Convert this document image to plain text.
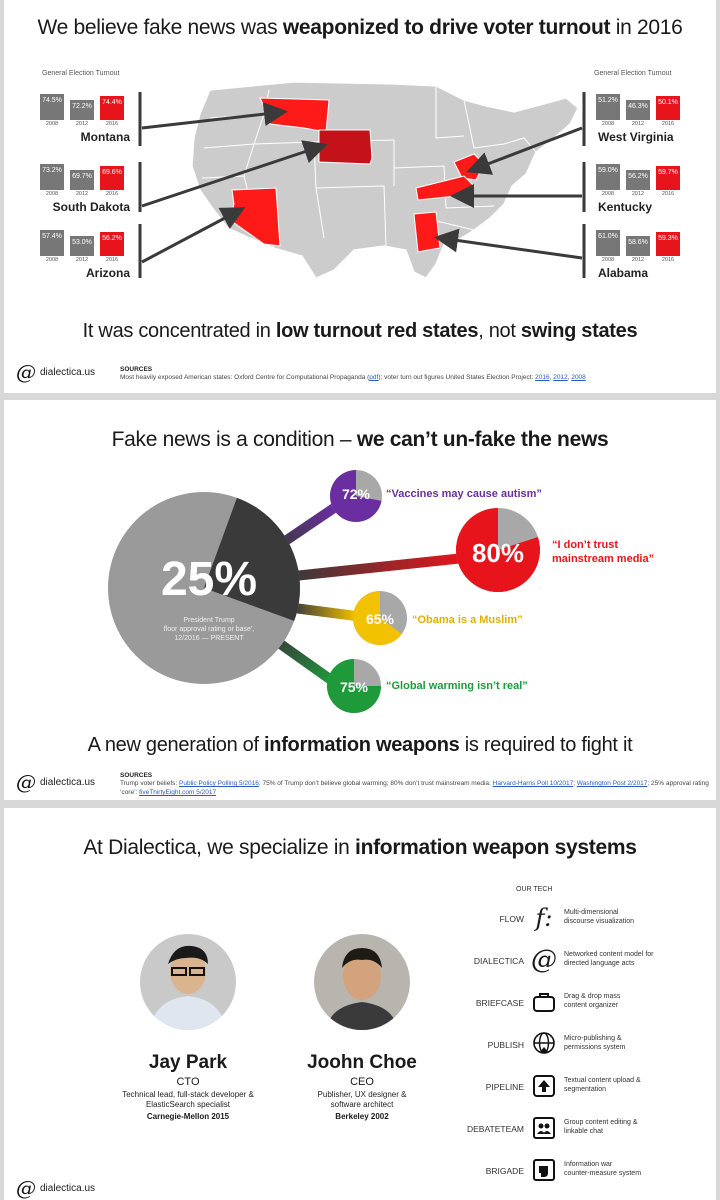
We believe fake news was weaponized to drive voter turnout in 2016
General Election Turnout	General Election Turnout
74.5%
2008
72.2%
2012
74.4%
2016
Montana
73.2%
2008
69.7%
2012
69.6%
2016
South Dakota
57.4%
2008
53.0%
2012
56.2%
2016
Arizona
51.2%
2008
46.3%
2012
50.1%
2016
West Virginia
59.0%
2008
56.2%
2012
59.7%
2016
Kentucky
61.0%
2008
58.6%
2012
59.3%
2016
Alabama
It was concentrated in low turnout red states, not swing states
@ dialectica.us	SOURCES
Most heavily exposed American states: Oxford Centre for Computational Propaganda (pdf); voter turn out figures United States Election Project: 2016, 2012, 2008
Fake news is a condition – we can’t un-fake the news
25%
President Trump
floor approval rating or base',
12/2016 — PRESENT
72%
80%
65%
75%
“Vaccines may cause autism”
“I don’t trust
mainstream media”
“Obama is a Muslim”
“Global warming isn’t real”
A new generation of information weapons is required to fight it
@ dialectica.us
SOURCES
Trump voter beliefs: Public Policy Polling 5/2016; 75% of Trump don’t believe global warming; 80% don’t trust mainstream media: Harvard-Harris Poll 10/2017; Washington Post 2/2017; 25% approval rating ‘core’: fiveThirtyEight.com 5/2017
At Dialectica, we specialize in information weapon systems
Jay Park
CTO
Technical lead, full-stack developer &
ElasticSearch specialist
Carnegie-Mellon 2015
Joohn Choe
CEO
Publisher, UX designer &
software architect
Berkeley 2002
OUR TECH
FLOW f: Multi-dimensional
discourse visualization
DIALECTICA @ Networked content model for
directed language acts
BRIEFCASE
Drag & drop mass
content organizer
PUBLISH
Micro-publishing &
permissions system
PIPELINE
Textual content upload &
segmentation
DEBATETEAM
Group content editing &
linkable chat
BRIGADE
Information war
counter-measure system
@ dialectica.us
